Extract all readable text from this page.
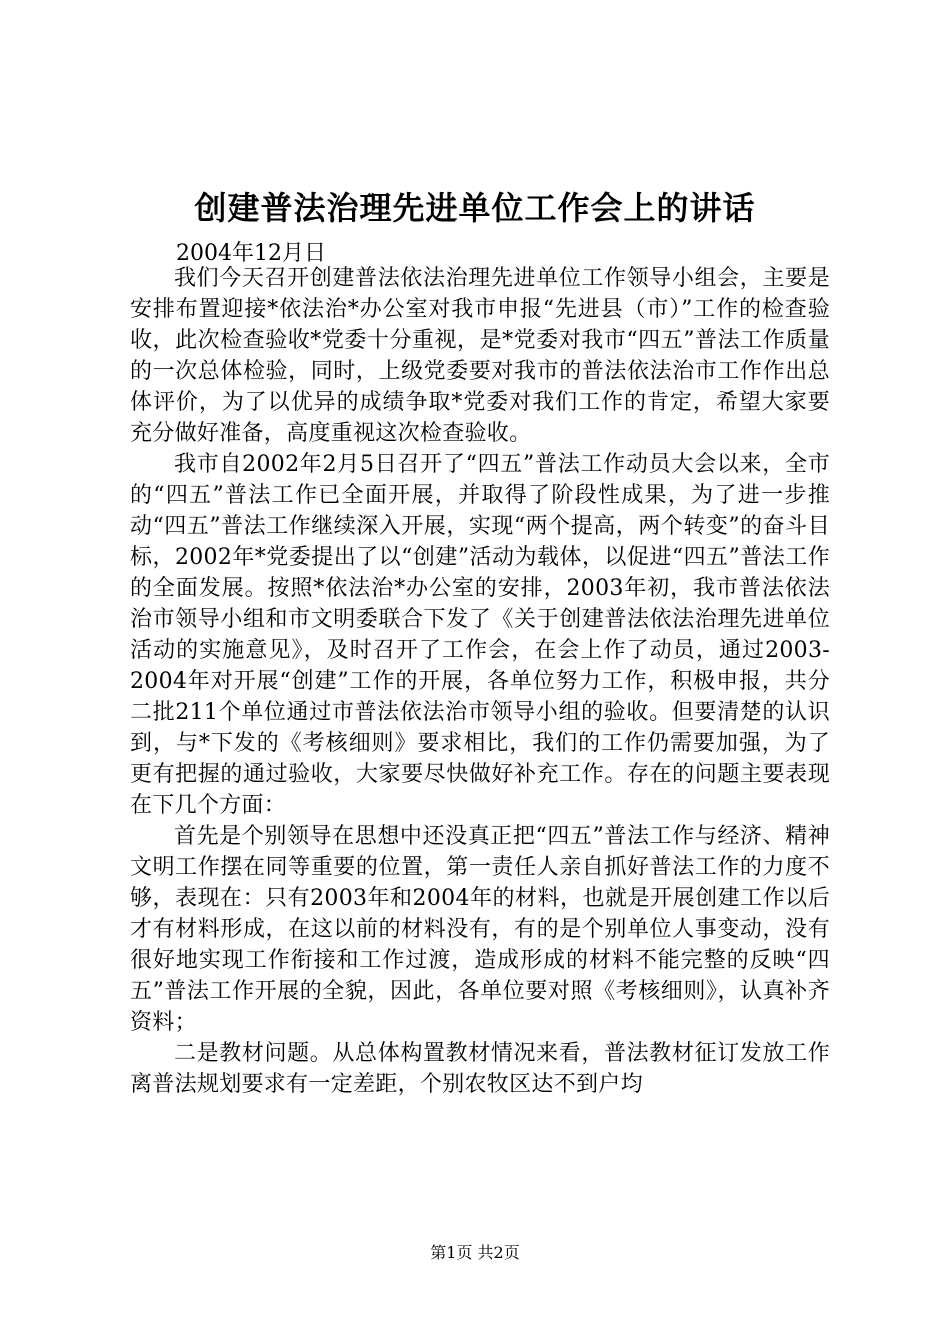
创建普法治理先进单位工作会上的讲话

2004年12月日

我们今天召开创建普法依法治理先进单位工作领导小组会，主要是安排布置迎接*依法治*办公室对我市申报“先进县（市）”工作的检查验收，此次检查验收*党委十分重视，是*党委对我市“四五”普法工作质量的一次总体检验，同时，上级党委要对我市的普法依法治市工作作出总体评价，为了以优异的成绩争取*党委对我们工作的肯定，希望大家要充分做好准备，高度重视这次检查验收。

我市自2002年2月5日召开了“四五”普法工作动员大会以来，全市的“四五”普法工作已全面开展，并取得了阶段性成果，为了进一步推动“四五”普法工作继续深入开展，实现“两个提高，两个转变”的奋斗目标，2002年*党委提出了以“创建”活动为载体，以促进“四五”普法工作的全面发展。按照*依法治*办公室的安排，2003年初，我市普法依法治市领导小组和市文明委联合下发了《关于创建普法依法治理先进单位活动的实施意见》，及时召开了工作会，在会上作了动员，通过2003-2004年对开展“创建”工作的开展，各单位努力工作，积极申报，共分二批211个单位通过市普法依法治市领导小组的验收。但要清楚的认识到，与*下发的《考核细则》要求相比，我们的工作仍需要加强，为了更有把握的通过验收，大家要尽快做好补充工作。存在的问题主要表现在下几个方面：

首先是个别领导在思想中还没真正把“四五”普法工作与经济、精神文明工作摆在同等重要的位置，第一责任人亲自抓好普法工作的力度不够，表现在：只有2003年和2004年的材料，也就是开展创建工作以后才有材料形成，在这以前的材料没有，有的是个别单位人事变动，没有很好地实现工作衔接和工作过渡，造成形成的材料不能完整的反映“四五”普法工作开展的全貌，因此，各单位要对照《考核细则》，认真补齐资料；

二是教材问题。从总体构置教材情况来看，普法教材征订发放工作离普法规划要求有一定差距，个别农牧区达不到户均

第1页 共2页
